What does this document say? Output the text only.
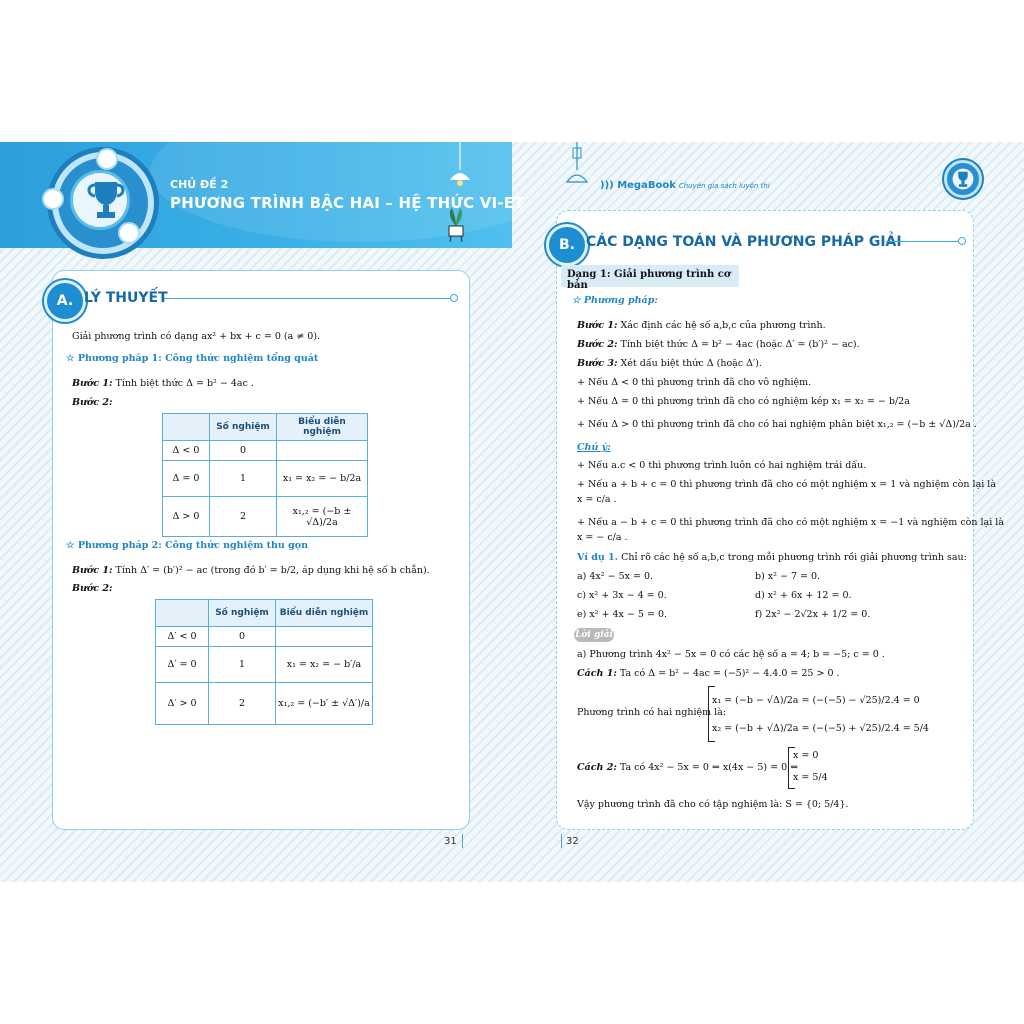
CHỦ ĐỀ 2
PHƯƠNG TRÌNH BẬC HAI – HỆ THỨC VI-ET
))) MegaBook Chuyên gia sách luyện thi
A. LÝ THUYẾT
Giải phương trình có dạng ax² + bx + c = 0 (a ≠ 0).
☆ Phương pháp 1: Công thức nghiệm tổng quát
Bước 1: Tính biệt thức Δ = b² − 4ac .
Bước 2:
	Số nghiệm	Biểu diễn nghiệm
Δ < 0	0	
Δ = 0	1	x₁ = x₂ = − b/2a
Δ > 0	2	x₁,₂ = (−b ± √Δ)/2a
☆ Phương pháp 2: Công thức nghiệm thu gọn
Bước 1: Tính Δ′ = (b′)² − ac (trong đó b′ = b/2, áp dụng khi hệ số b chẵn).
Bước 2:
	Số nghiệm	Biểu diễn nghiệm
Δ′ < 0	0	
Δ′ = 0	1	x₁ = x₂ = − b′/a
Δ′ > 0	2	x₁,₂ = (−b′ ± √Δ′)/a
31
B. CÁC DẠNG TOÁN VÀ PHƯƠNG PHÁP GIẢI
Dạng 1: Giải phương trình cơ bản
☆ Phương pháp:
Bước 1: Xác định các hệ số a,b,c của phương trình.
Bước 2: Tính biệt thức Δ = b² − 4ac (hoặc Δ′ = (b′)² − ac).
Bước 3: Xét dấu biệt thức Δ (hoặc Δ′).
+ Nếu Δ < 0 thì phương trình đã cho vô nghiệm.
+ Nếu Δ = 0 thì phương trình đã cho có nghiệm kép x₁ = x₂ = − b/2a
+ Nếu Δ > 0 thì phương trình đã cho có hai nghiệm phân biệt x₁,₂ = (−b ± √Δ)/2a .
Chú ý:
+ Nếu a.c < 0 thì phương trình luôn có hai nghiệm trái dấu.
+ Nếu a + b + c = 0 thì phương trình đã cho có một nghiệm x = 1 và nghiệm còn lại là
x = c/a .
+ Nếu a − b + c = 0 thì phương trình đã cho có một nghiệm x = −1 và nghiệm còn lại là
x = − c/a .
Ví dụ 1. Chỉ rõ các hệ số a,b,c trong mỗi phương trình rồi giải phương trình sau:
a) 4x² − 5x = 0.	b) x² − 7 = 0.
c) x² + 3x − 4 = 0.	d) x² + 6x + 12 = 0.
e) x² + 4x − 5 = 0.	f) 2x² − 2√2x + 1/2 = 0.
Lời giải
a) Phương trình 4x² − 5x = 0 có các hệ số a = 4; b = −5; c = 0 .
Cách 1: Ta có Δ = b² − 4ac = (−5)² − 4.4.0 = 25 > 0 .
Phương trình có hai nghiệm là:
x₁ = (−b − √Δ)/2a = (−(−5) − √25)/2.4 = 0
x₂ = (−b + √Δ)/2a = (−(−5) + √25)/2.4 = 5/4
Cách 2: Ta có 4x² − 5x = 0 ⇔ x(4x − 5) = 0 ⇔
x = 0
x = 5/4
Vậy phương trình đã cho có tập nghiệm là: S = {0; 5/4}.
32
